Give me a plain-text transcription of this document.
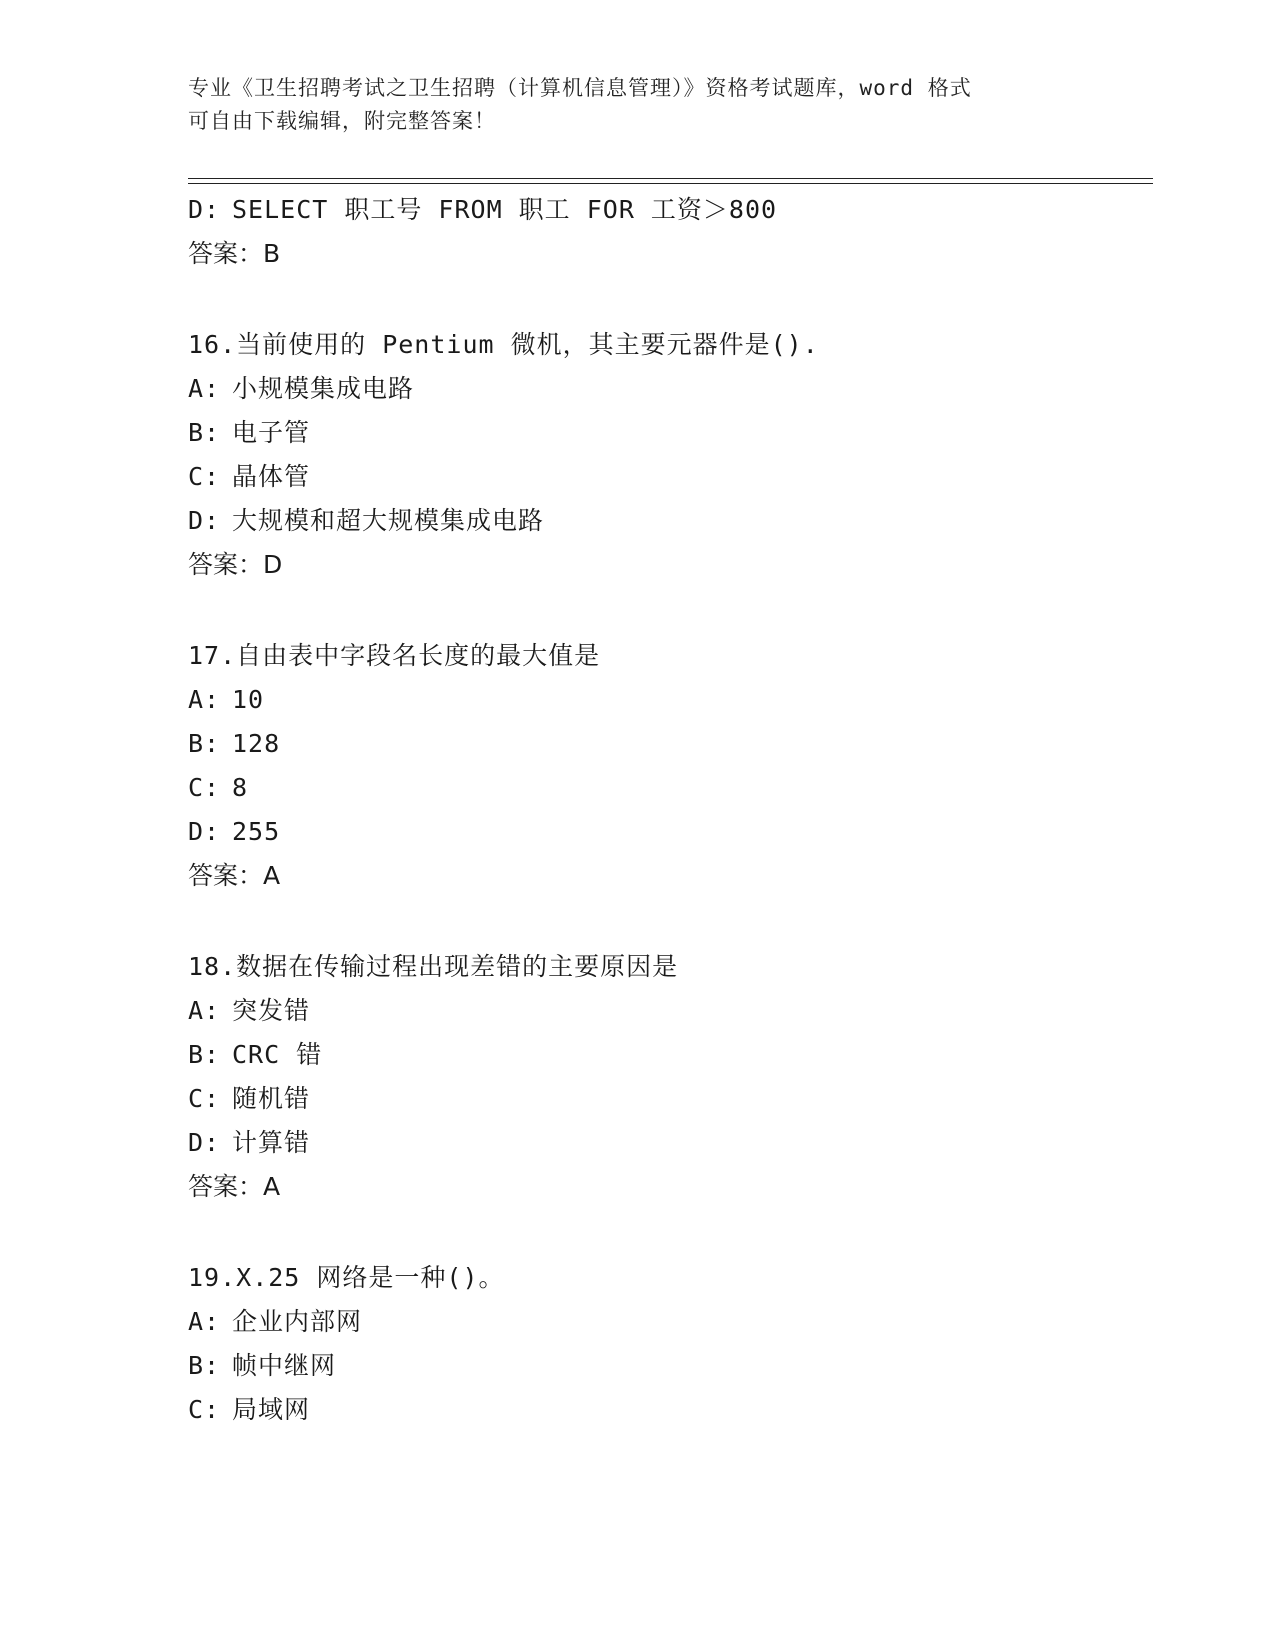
专业《卫生招聘考试之卫生招聘（计算机信息管理）》资格考试题库，word 格式
可自由下载编辑，附完整答案！
D: SELECT 职工号 FROM 职工 FOR 工资＞800
答案：B
16.当前使用的 Pentium 微机，其主要元器件是().
A: 小规模集成电路
B: 电子管
C: 晶体管
D: 大规模和超大规模集成电路
答案：D
17.自由表中字段名长度的最大值是
A: 10
B: 128
C: 8
D: 255
答案：A
18.数据在传输过程出现差错的主要原因是
A: 突发错
B: CRC 错
C: 随机错
D: 计算错
答案：A
19.X.25 网络是一种()。
A: 企业内部网
B: 帧中继网
C: 局域网
